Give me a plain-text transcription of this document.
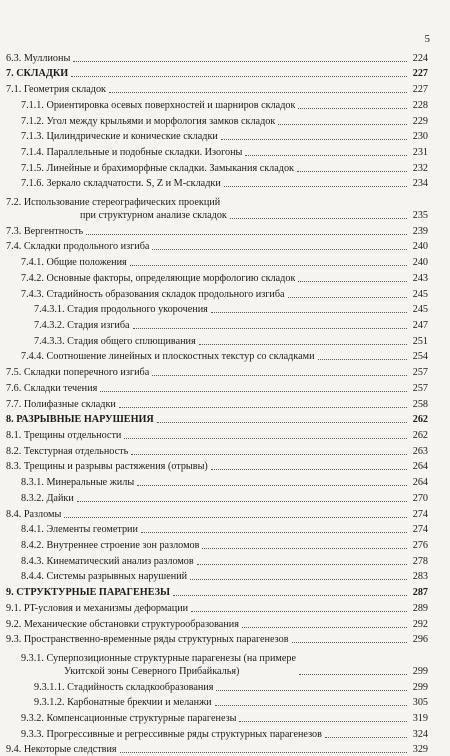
5
6.3. Муллионы	224
7. СКЛАДКИ	227
7.1. Геометрия складок	227
7.1.1. Ориентировка осевых поверхностей и шарниров складок	228
7.1.2. Угол между крыльями и морфология замков складок	229
7.1.3. Цилиндрические и конические складки	230
7.1.4. Параллельные и подобные складки. Изогоны	231
7.1.5. Линейные и брахиморфные складки. Замыкания складок	232
7.1.6. Зеркало складчатости. S, Z и M-складки	234
7.2. Использование стереографических проекций
при структурном анализе складок	235
7.3. Вергентность	239
7.4. Складки продольного изгиба	240
7.4.1. Общие положения	240
7.4.2. Основные факторы, определяющие морфологию складок	243
7.4.3. Стадийность образования складок продольного изгиба	245
7.4.3.1. Стадия продольного укорочения	245
7.4.3.2. Стадия изгиба	247
7.4.3.3. Стадия общего сплющивания	251
7.4.4. Соотношение линейных и плоскостных текстур со складками	254
7.5. Складки поперечного изгиба	257
7.6. Складки течения	257
7.7. Полифазные складки	258
8. РАЗРЫВНЫЕ НАРУШЕНИЯ	262
8.1. Трещины отдельности	262
8.2. Текстурная отдельность	263
8.3. Трещины и разрывы растяжения (отрывы)	264
8.3.1. Минеральные жилы	264
8.3.2. Дайки	270
8.4. Разломы	274
8.4.1. Элементы геометрии	274
8.4.2. Внутреннее строение зон разломов	276
8.4.3. Кинематический анализ разломов	278
8.4.4. Системы разрывных нарушений	283
9. СТРУКТУРНЫЕ ПАРАГЕНЕЗЫ	287
9.1. PT-условия и механизмы деформации	289
9.2. Механические обстановки структурообразования	292
9.3. Пространственно-временные ряды структурных парагенезов	296
9.3.1. Суперпозиционные структурные парагенезы (на примере
Укитской зоны Северного Прибайкалья)	299
9.3.1.1. Стадийность складкообразования	299
9.3.1.2. Карбонатные брекчии и меланжи	305
9.3.2. Компенсационные структурные парагенезы	319
9.3.3. Прогрессивные и регрессивные ряды структурных парагенезов	324
9.4. Некоторые следствия	329
